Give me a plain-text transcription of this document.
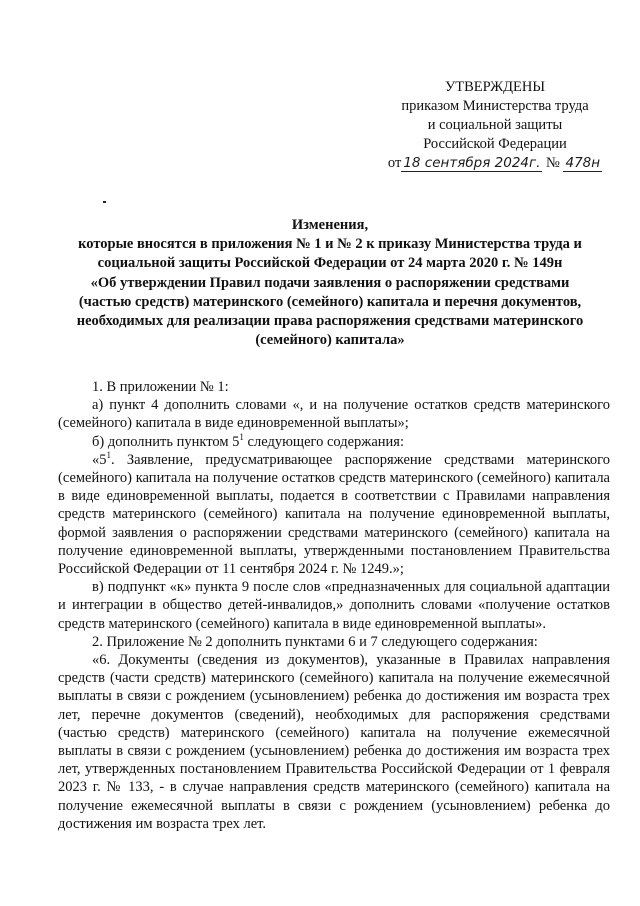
УТВЕРЖДЕНЫ
приказом Министерства труда
и социальной защиты
Российской Федерации
от 18 сентября 2024г. № 478н
Изменения,
которые вносятся в приложения № 1 и № 2 к приказу Министерства труда и
социальной защиты Российской Федерации от 24 марта 2020 г. № 149н
«Об утверждении Правил подачи заявления о распоряжении средствами
(частью средств) материнского (семейного) капитала и перечня документов,
необходимых для реализации права распоряжения средствами материнского
(семейного) капитала»

1. В приложении № 1:

а) пункт 4 дополнить словами «, и на получение остатков средств материнского (семейного) капитала в виде единовременной выплаты»;

б) дополнить пунктом $5^1$ следующего содержания:

«$5^1$. Заявление, предусматривающее распоряжение средствами материнского (семейного) капитала на получение остатков средств материнского (семейного) капитала в виде единовременной выплаты, подается в соответствии с Правилами направления средств материнского (семейного) капитала на получение единовременной выплаты, формой заявления о распоряжении средствами материнского (семейного) капитала на получение единовременной выплаты, утвержденными постановлением Правительства Российской Федерации от 11 сентября 2024 г. № 1249.»;

в) подпункт «к» пункта 9 после слов «предназначенных для социальной адаптации и интеграции в общество детей-инвалидов,» дополнить словами «получение остатков средств материнского (семейного) капитала в виде единовременной выплаты».

2. Приложение № 2 дополнить пунктами 6 и 7 следующего содержания:

«6. Документы (сведения из документов), указанные в Правилах направления средств (части средств) материнского (семейного) капитала на получение ежемесячной выплаты в связи с рождением (усыновлением) ребенка до достижения им возраста трех лет, перечне документов (сведений), необходимых для распоряжения средствами (частью средств) материнского (семейного) капитала на получение ежемесячной выплаты в связи с рождением (усыновлением) ребенка до достижения им возраста трех лет, утвержденных постановлением Правительства Российской Федерации от 1 февраля 2023 г. № 133, - в случае направления средств материнского (семейного) капитала на получение ежемесячной выплаты в связи с рождением (усыновлением) ребенка до достижения им возраста трех лет.
